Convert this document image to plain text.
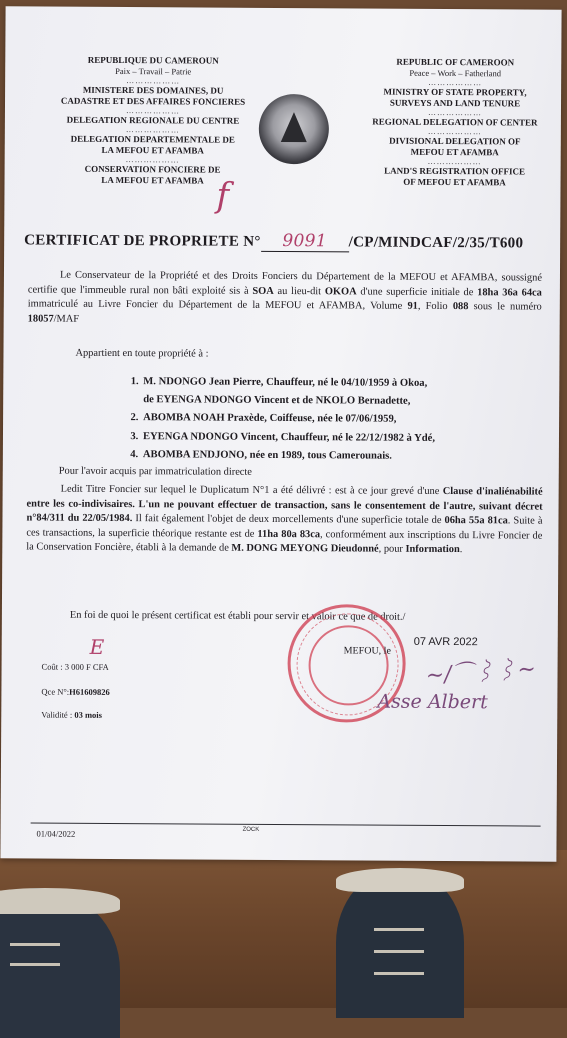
REPUBLIQUE DU CAMEROUN
Paix – Travail – Patrie
………………
MINISTERE DES DOMAINES, DU
CADASTRE ET DES AFFAIRES FONCIERES
………………
DELEGATION REGIONALE DU CENTRE
………………
DELEGATION DEPARTEMENTALE DE
LA MEFOU ET AFAMBA
………………
CONSERVATION FONCIERE DE
LA MEFOU ET AFAMBA
REPUBLIC OF CAMEROON
Peace – Work – Fatherland
………………
MINISTRY OF STATE PROPERTY,
SURVEYS AND LAND TENURE
………………
REGIONAL DELEGATION OF CENTER
………………
DIVISIONAL DELEGATION OF
MEFOU ET AFAMBA
………………
LAND'S REGISTRATION OFFICE
OF MEFOU ET AFAMBA
f
CERTIFICAT DE PROPRIETE N° 9091 /CP/MINDCAF/2/35/T600
Le Conservateur de la Propriété et des Droits Fonciers du Département de la MEFOU et AFAMBA, soussigné certifie que l'immeuble rural non bâti exploité sis à SOA au lieu-dit OKOA d'une superficie initiale de 18ha 36a 64ca immatriculé au Livre Foncier du Département de la MEFOU et AFAMBA, Volume 91, Folio 088 sous le numéro 18057/MAF
Appartient en toute propriété à :
1. M. NDONGO Jean Pierre, Chauffeur, né le 04/10/1959 à Okoa,
de EYENGA NDONGO Vincent et de NKOLO Bernadette,
2. ABOMBA NOAH Praxède, Coiffeuse, née le 07/06/1959,
3. EYENGA NDONGO Vincent, Chauffeur, né le 22/12/1982 à Ydé,
4. ABOMBA ENDJONO, née en 1989, tous Camerounais.
Pour l'avoir acquis par immatriculation directe
Ledit Titre Foncier sur lequel le Duplicatum N°1 a été délivré : est à ce jour grevé d'une Clause d'inaliénabilité entre les co-indivisaires. L'un ne pouvant effectuer de transaction, sans le consentement de l'autre, suivant décret n°84/311 du 22/05/1984. Il fait également l'objet de deux morcellements d'une superficie totale de 06ha 55a 81ca. Suite à ces transactions, la superficie théorique restante est de 11ha 80a 83ca, conformément aux inscriptions du Livre Foncier de la Conservation Foncière, établi à la demande de M. DONG MEYONG Dieudonné, pour Information.
En foi de quoi le présent certificat est établi pour servir et valoir ce que de droit./
MEFOU, le
07 AVR 2022
~∕⌒⌇⌇∼
Asse Albert
Coût : 3 000 F CFA
E
Qce N°:H61609826
Validité : 03 mois
01/04/2022	ZOCK
